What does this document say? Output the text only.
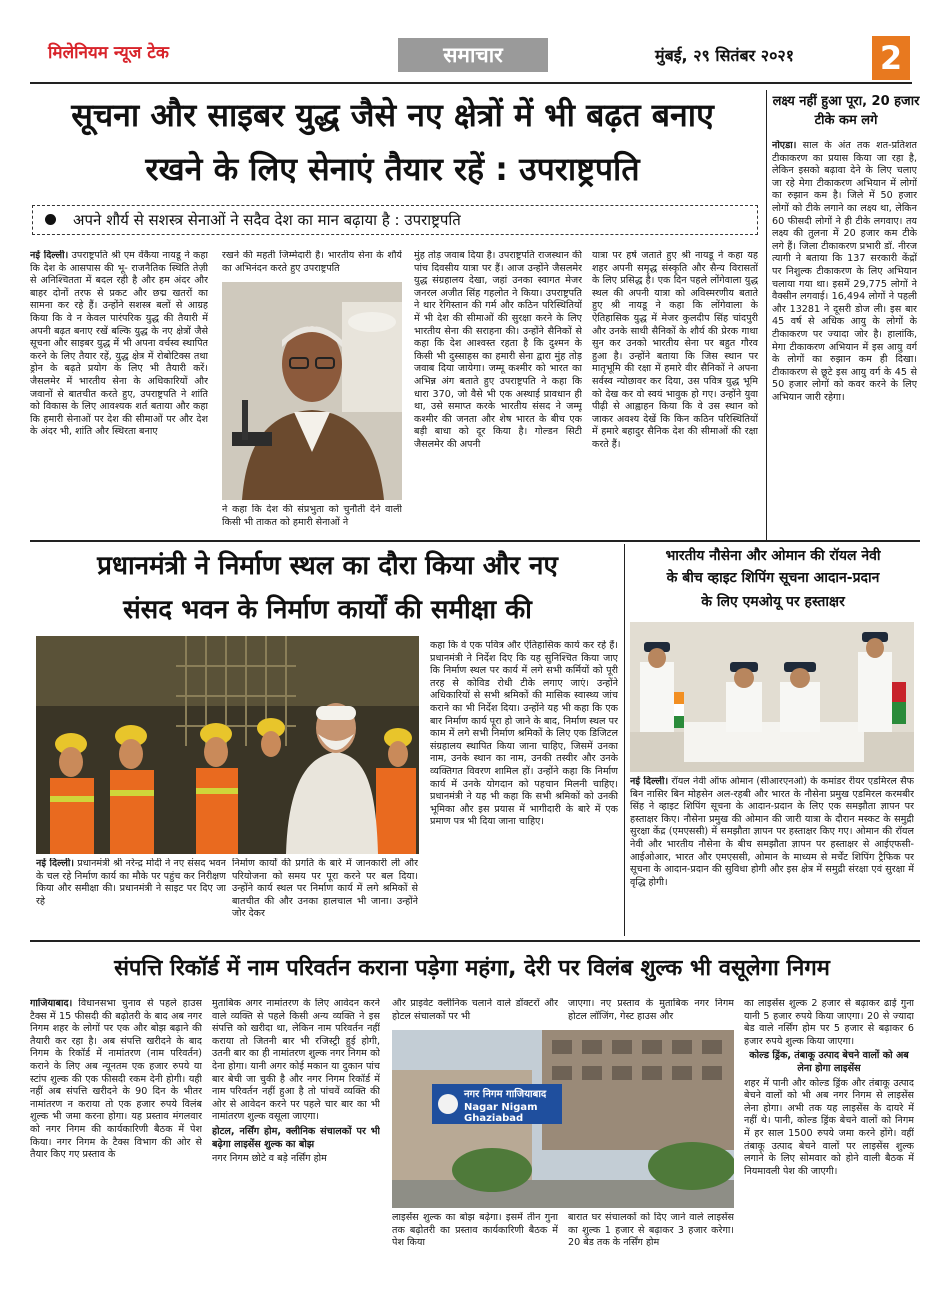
मिलेनियम न्यूज टेक	समाचार	मुंबई, २९ सितंबर २०२१	2
सूचना और साइबर युद्ध जैसे नए क्षेत्रों में भी बढ़त बनाए
रखने के लिए सेनाएं तैयार रहें : उपराष्ट्रपति
अपने शौर्य से सशस्त्र सेनाओं ने सदैव देश का मान बढ़ाया है : उपराष्ट्रपति
नई दिल्ली। उपराष्ट्रपति श्री एम वेंकैया नायडू ने कहा कि देश के आसपास की भू- राजनैतिक स्थिति तेज़ी से अनिश्चितता में बदल रही है और हम अंदर और बाहर दोनों तरफ से प्रकट और छद्म खतरों का सामना कर रहे हैं। उन्होंने सशस्त्र बलों से आग्रह किया कि वे न केवल पारंपरिक युद्ध की तैयारी में अपनी बढ़त बनाए रखें बल्कि युद्ध के नए क्षेत्रों जैसे सूचना और साइबर युद्ध में भी अपना वर्चस्व स्थापित करने के लिए तैयार रहें, युद्ध क्षेत्र में रोबोटिक्स तथा ड्रोन के बढ़ते प्रयोग के लिए भी तैयारी करें। जैसलमेर में भारतीय सेना के अधिकारियों और जवानों से बातचीत करते हुए, उपराष्ट्रपति ने शांति को विकास के लिए आवश्यक शर्त बताया और कहा कि हमारी सेनाओं पर देश की सीमाओं पर और देश के अंदर भी, शांति और स्थिरता बनाए
रखने की महती जिम्मेदारी है। भारतीय सेना के शौर्य का अभिनंदन करते हुए उपराष्ट्रपति
ने कहा कि देश की संप्रभुता को चुनौती देने वाली किसी भी ताकत को हमारी सेनाओं ने
मुंह तोड़ जवाब दिया है। उपराष्ट्रपति राजस्थान की पांच दिवसीय यात्रा पर हैं। आज उन्होंने जैसलमेर युद्ध संग्रहालय देखा, जहां उनका स्वागत मेजर जनरल अजीत सिंह गहलोत ने किया। उपराष्ट्रपति ने थार रेगिस्तान की गर्म और कठिन परिस्थितियों में भी देश की सीमाओं की सुरक्षा करने के लिए भारतीय सेना की सराहना की। उन्होंने सैनिकों से कहा कि देश आश्वस्त रहता है कि दुश्मन के किसी भी दुस्साहस का हमारी सेना द्वारा मुंह तोड़ जवाब दिया जायेगा। जम्मू कश्मीर को भारत का अभिन्न अंग बताते हुए उपराष्ट्रपति ने कहा कि धारा 370, जो वैसे भी एक अस्थाई प्रावधान ही था, उसे समाप्त करके भारतीय संसद ने जम्मू कश्मीर की जनता और शेष भारत के बीच एक बड़ी बाधा को दूर किया है। गोल्डन सिटी जैसलमेर की अपनी
यात्रा पर हर्ष जताते हुए श्री नायडू ने कहा यह शहर अपनी समृद्ध संस्कृति और सैन्य विरासतों के लिए प्रसिद्ध है। एक दिन पहले लोंगेवाला युद्ध स्थल की अपनी यात्रा को अविस्मरणीय बताते हुए श्री नायडू ने कहा कि लोंगेवाला के ऐतिहासिक युद्ध में मेजर कुलदीप सिंह चांदपुरी और उनके साथी सैनिकों के शौर्य की प्रेरक गाथा सुन कर उनको भारतीय सेना पर बहुत गौरव हुआ है। उन्होंने बताया कि जिस स्थान पर मातृभूमि की रक्षा में हमारे वीर सैनिकों ने अपना सर्वस्व न्योछावर कर दिया, उस पवित्र युद्ध भूमि को देख कर वो स्वयं भावुक हो गए। उन्होंने युवा पीढ़ी से आह्वाहन किया कि वे उस स्थान को जाकर अवश्य देखें कि किन कठिन परिस्थितियों में हमारे बहादुर सैनिक देश की सीमाओं की रक्षा करते हैं।
लक्ष्य नहीं हुआ पूरा, 20 हजार टीके कम लगे
नोएडा। साल के अंत तक शत-प्रतिशत टीकाकरण का प्रयास किया जा रहा है, लेकिन इसको बढ़ावा देने के लिए चलाए जा रहे मेगा टीकाकरण अभियान में लोगों का रुझान कम है। जिले में 50 हजार लोगों को टीके लगाने का लक्ष्य था, लेकिन 60 फीसदी लोगों ने ही टीके लगवाए। तय लक्ष्य की तुलना में 20 हजार कम टीके लगे हैं। जिला टीकाकरण प्रभारी डॉ. नीरज त्यागी ने बताया कि 137 सरकारी केंद्रों पर निशुल्क टीकाकरण के लिए अभियान चलाया गया था। इसमें 29,775 लोगों ने वैक्सीन लगवाई। 16,494 लोगों ने पहली और 13281 ने दूसरी डोज ली। इस बार 45 वर्ष से अधिक आयु के लोगों के टीकाकरण पर ज्यादा जोर है। हालांकि, मेगा टीकाकरण अभियान में इस आयु वर्ग के लोगों का रुझान कम ही दिखा। टीकाकरण से छूटे इस आयु वर्ग के 45 से 50 हजार लोगों को कवर करने के लिए अभियान जारी रहेगा।
प्रधानमंत्री ने निर्माण स्थल का दौरा किया और नए
संसद भवन के निर्माण कार्यों की समीक्षा की
नई दिल्ली। प्रधानमंत्री श्री नरेन्द्र मोदी ने नए संसद भवन के चल रहे निर्माण कार्य का मौके पर पहुंच कर निरीक्षण किया और समीक्षा की। प्रधानमंत्री ने साइट पर दिए जा रहे
निर्माण कार्यों की प्रगति के बारे में जानकारी ली और परियोजना को समय पर पूरा करने पर बल दिया। उन्होंने कार्य स्थल पर निर्माण कार्य में लगे श्रमिकों से बातचीत की और उनका हालचाल भी जाना। उन्होंने जोर देकर
कहा कि वे एक पवित्र और ऐतिहासिक कार्य कर रहे हैं। प्रधानमंत्री ने निर्देश दिए कि यह सुनिश्चित किया जाए कि निर्माण स्थल पर कार्य में लगे सभी कर्मियों को पूरी तरह से कोविड रोधी टीके लगाए जाएं। उन्होंने अधिकारियों से सभी श्रमिकों की मासिक स्वास्थ्य जांच कराने का भी निर्देश दिया। उन्होंने यह भी कहा कि एक बार निर्माण कार्य पूरा हो जाने के बाद, निर्माण स्थल पर काम में लगे सभी निर्माण श्रमिकों के लिए एक डिजिटल संग्रहालय स्थापित किया जाना चाहिए, जिसमें उनका नाम, उनके स्थान का नाम, उनकी तस्वीर और उनके व्यक्तिगत विवरण शामिल हों। उन्होंने कहा कि निर्माण कार्य में उनके योगदान को पहचान मिलनी चाहिए। प्रधानमंत्री ने यह भी कहा कि सभी श्रमिकों को उनकी भूमिका और इस प्रयास में भागीदारी के बारे में एक प्रमाण पत्र भी दिया जाना चाहिए।
भारतीय नौसेना और ओमान की रॉयल नेवी
के बीच व्हाइट शिपिंग सूचना आदान-प्रदान
के लिए एमओयू पर हस्ताक्षर
नई दिल्ली। रॉयल नेवी ऑफ ओमान (सीआरएनओ) के कमांडर रीयर एडमिरल सैफ बिन नासिर बिन मोहसेन अल-रहबी और भारत के नौसेना प्रमुख एडमिरल करमबीर सिंह ने व्हाइट शिपिंग सूचना के आदान-प्रदान के लिए एक समझौता ज्ञापन पर हस्ताक्षर किए। नौसेना प्रमुख की ओमान की जारी यात्रा के दौरान मस्कट के समुद्री सुरक्षा केंद्र (एमएससी) में समझौता ज्ञापन पर हस्ताक्षर किए गए। ओमान की रॉयल नेवी और भारतीय नौसेना के बीच समझौता ज्ञापन पर हस्ताक्षर से आईएफसी-आईओआर, भारत और एमएससी, ओमान के माध्यम से मर्चेंट शिपिंग ट्रैफिक पर सूचना के आदान-प्रदान की सुविधा होगी और इस क्षेत्र में समुद्री संरक्षा एवं सुरक्षा में वृद्धि होगी।
संपत्ति रिकॉर्ड में नाम परिवर्तन कराना पड़ेगा महंगा, देरी पर विलंब शुल्क भी वसूलेगा निगम
गाजियाबाद। विधानसभा चुनाव से पहले हाउस टैक्स में 15 फीसदी की बढ़ोतरी के बाद अब नगर निगम शहर के लोगों पर एक और बोझ बढ़ाने की तैयारी कर रहा है। अब संपत्ति खरीदने के बाद निगम के रिकॉर्ड में नामांतरण (नाम परिवर्तन) कराने के लिए अब न्यूनतम एक हजार रुपये या स्टांप शुल्क की एक फीसदी रकम देनी होगी। यही नहीं अब संपत्ति खरीदने के 90 दिन के भीतर नामांतरण न कराया तो एक हजार रुपये विलंब शुल्क भी जमा करना होगा। यह प्रस्ताव मंगलवार को नगर निगम की कार्यकारिणी बैठक में पेश किया। नगर निगम के टैक्स विभाग की ओर से तैयार किए गए प्रस्ताव के

मुताबिक अगर नामांतरण के लिए आवेदन करने वाले व्यक्ति से पहले किसी अन्य व्यक्ति ने इस संपत्ति को खरीदा था, लेकिन नाम परिवर्तन नहीं कराया तो जितनी बार भी रजिस्ट्री हुई होगी, उतनी बार का ही नामांतरण शुल्क नगर निगम को देना होगा। यानी अगर कोई मकान या दुकान पांच बार बेची जा चुकी है और नगर निगम रिकॉर्ड में नाम परिवर्तन नहीं हुआ है तो पांचवें व्यक्ति की ओर से आवेदन करने पर पहले चार बार का भी नामांतरण शुल्क वसूला जाएगा।

होटल, नर्सिंग होम, क्लीनिक संचालकों पर भी बढ़ेगा लाइसेंस शुल्क का बोझ

नगर निगम छोटे व बड़े नर्सिंग होम

और प्राइवेट क्लीनिक चलाने वाले डॉक्टरों और होटल संचालकों पर भी
जाएगा। नए प्रस्ताव के मुताबिक नगर निगम होटल लॉजिंग, गेस्ट हाउस और
नगर निगम गाजियाबाद
Nagar Nigam Ghaziabad
लाइसेंस शुल्क का बोझ बढ़ेगा। इसमें तीन गुना तक बढ़ोतरी का प्रस्ताव कार्यकारिणी बैठक में पेश किया
बारात घर संचालकों को दिए जाने वाले लाइसेंस का शुल्क 1 हजार से बढ़ाकर 3 हजार करेगा। 20 बेड तक के नर्सिंग होम

का लाइसेंस शुल्क 2 हजार से बढ़ाकर ढाई गुना यानी 5 हजार रुपये किया जाएगा। 20 से ज्यादा बेड वाले नर्सिंग होम पर 5 हजार से बढ़ाकर 6 हजार रुपये शुल्क किया जाएगा।

कोल्ड ड्रिंक, तंबाकू उत्पाद बेचने वालों को अब लेना होगा लाइसेंस

शहर में पानी और कोल्ड ड्रिंक और तंबाकू उत्पाद बेचने वालों को भी अब नगर निगम से लाइसेंस लेना होगा। अभी तक यह लाइसेंस के दायरे में नहीं थे। पानी, कोल्ड ड्रिंक बेचने वालों को निगम में हर साल 1500 रुपये जमा करने होंगे। वहीं तंबाकू उत्पाद बेचने वालों पर लाइसेंस शुल्क लगाने के लिए सोमवार को होने वाली बैठक में नियमावली पेश की जाएगी।
